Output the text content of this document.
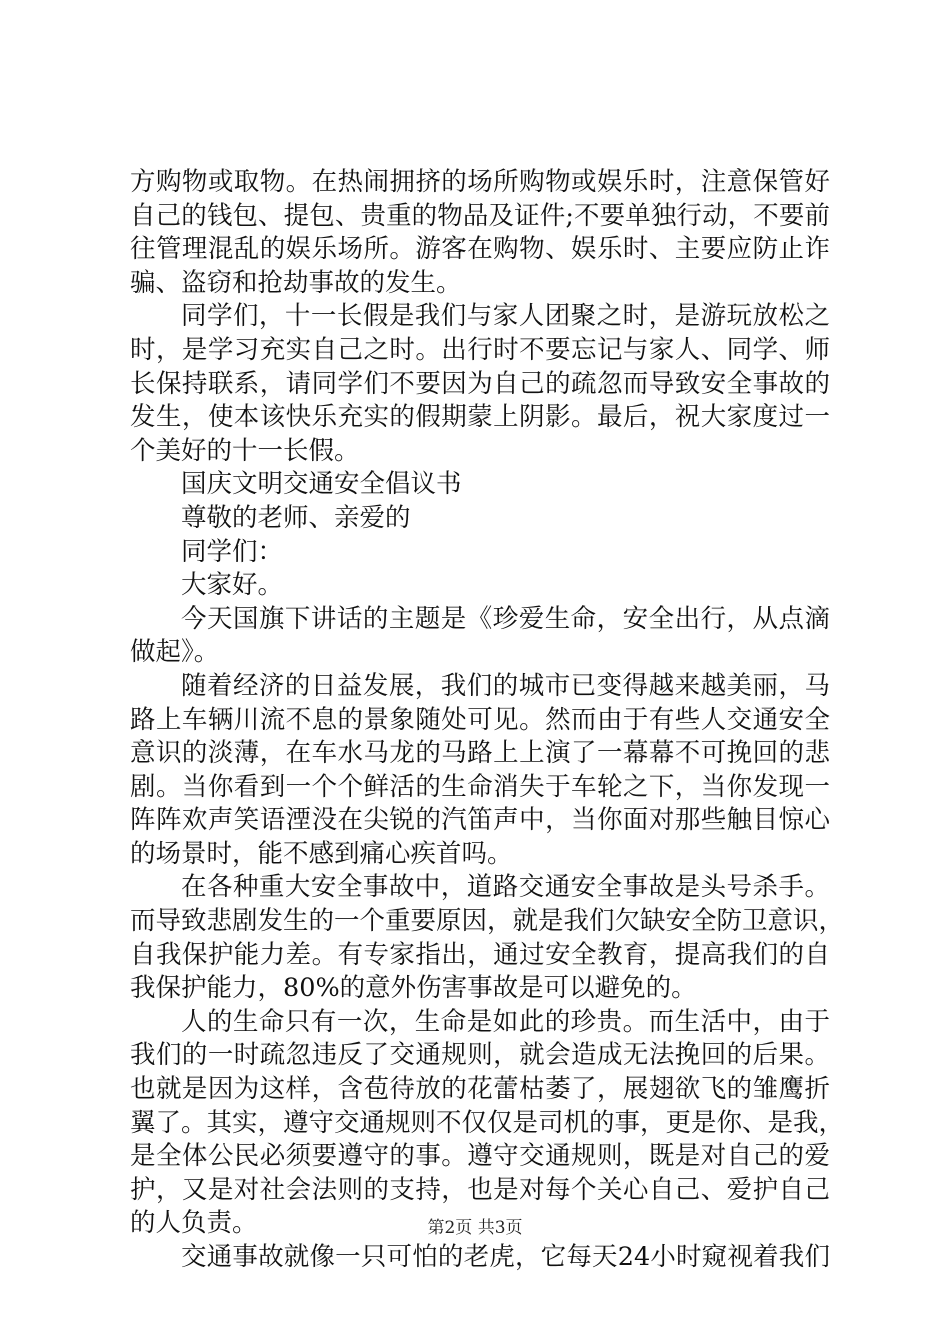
方购物或取物。在热闹拥挤的场所购物或娱乐时，注意保管好
自己的钱包、提包、贵重的物品及证件;不要单独行动，不要前
往管理混乱的娱乐场所。游客在购物、娱乐时、主要应防止诈
骗、盗窃和抢劫事故的发生。
同学们，十一长假是我们与家人团聚之时，是游玩放松之
时，是学习充实自己之时。出行时不要忘记与家人、同学、师
长保持联系，请同学们不要因为自己的疏忽而导致安全事故的
发生，使本该快乐充实的假期蒙上阴影。最后，祝大家度过一
个美好的十一长假。
国庆文明交通安全倡议书
尊敬的老师、亲爱的
同学们：
大家好。
今天国旗下讲话的主题是《珍爱生命，安全出行，从点滴
做起》。
随着经济的日益发展，我们的城市已变得越来越美丽，马
路上车辆川流不息的景象随处可见。然而由于有些人交通安全
意识的淡薄，在车水马龙的马路上上演了一幕幕不可挽回的悲
剧。当你看到一个个鲜活的生命消失于车轮之下，当你发现一
阵阵欢声笑语湮没在尖锐的汽笛声中，当你面对那些触目惊心
的场景时，能不感到痛心疾首吗。
在各种重大安全事故中，道路交通安全事故是头号杀手。
而导致悲剧发生的一个重要原因，就是我们欠缺安全防卫意识，
自我保护能力差。有专家指出，通过安全教育，提高我们的自
我保护能力，80%的意外伤害事故是可以避免的。
人的生命只有一次，生命是如此的珍贵。而生活中，由于
我们的一时疏忽违反了交通规则，就会造成无法挽回的后果。
也就是因为这样，含苞待放的花蕾枯萎了，展翅欲飞的雏鹰折
翼了。其实，遵守交通规则不仅仅是司机的事，更是你、是我，
是全体公民必须要遵守的事。遵守交通规则，既是对自己的爱
护，又是对社会法则的支持，也是对每个关心自己、爱护自己
的人负责。
交通事故就像一只可怕的老虎，它每天24小时窥视着我们
第2页 共3页
